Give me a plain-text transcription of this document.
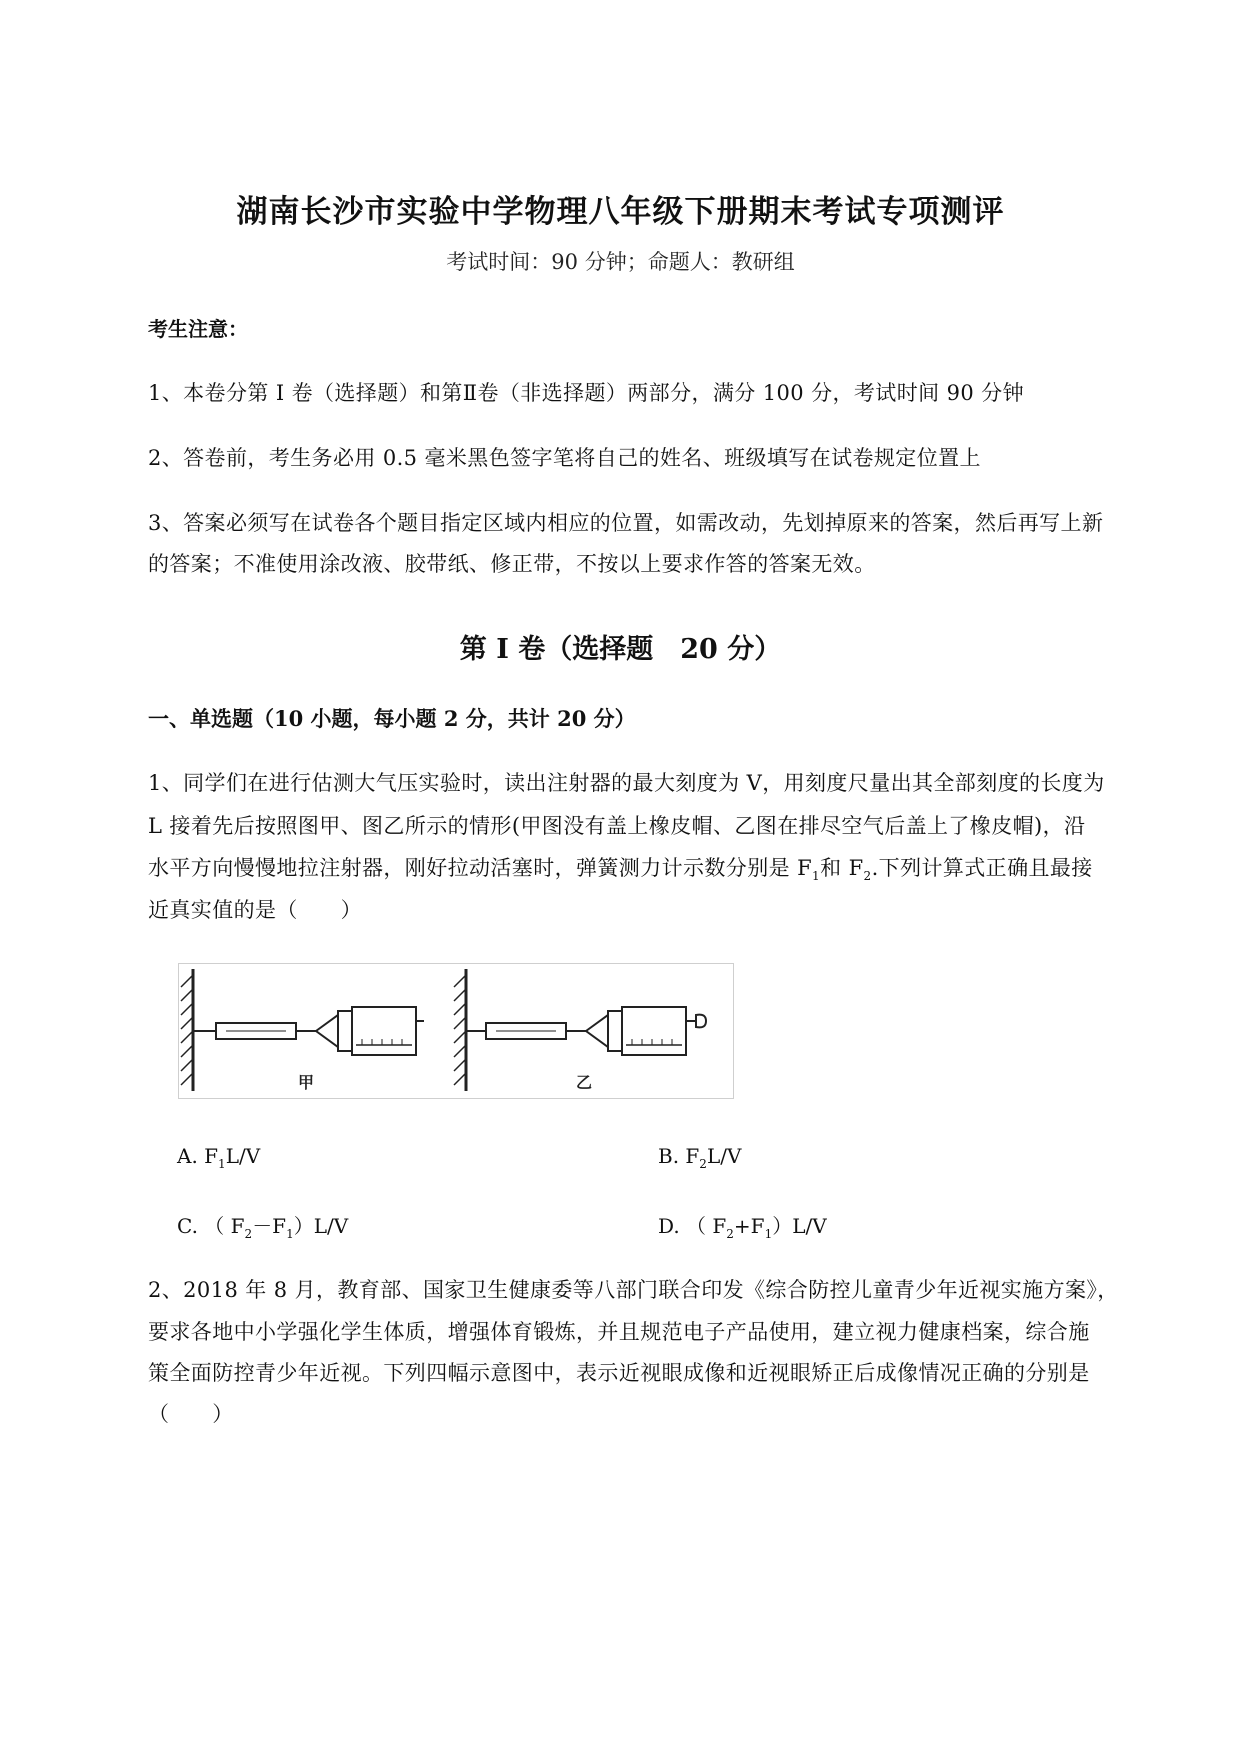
湖南长沙市实验中学物理八年级下册期末考试专项测评
考试时间：90 分钟；命题人：教研组
考生注意：
1、本卷分第 I 卷（选择题）和第Ⅱ卷（非选择题）两部分，满分 100 分，考试时间 90 分钟
2、答卷前，考生务必用 0.5 毫米黑色签字笔将自己的姓名、班级填写在试卷规定位置上
3、答案必须写在试卷各个题目指定区域内相应的位置，如需改动，先划掉原来的答案，然后再写上新
的答案；不准使用涂改液、胶带纸、修正带，不按以上要求作答的答案无效。
第 I 卷（选择题　20 分）
一、单选题（10 小题，每小题 2 分，共计 20 分）
1、同学们在进行估测大气压实验时，读出注射器的最大刻度为 V，用刻度尺量出其全部刻度的长度为
L 接着先后按照图甲、图乙所示的情形(甲图没有盖上橡皮帽、乙图在排尽空气后盖上了橡皮帽)，沿
水平方向慢慢地拉注射器，刚好拉动活塞时，弹簧测力计示数分别是 $F_1$和 $F_2$.下列计算式正确且最接
近真实值的是（　　）
甲	乙
A. $F_1L/V$	B. $F_2L/V$
C. （ $F_2-F_1)L/V$	D. （ $F_2+F_1)L/V$
2、2018 年 8 月，教育部、国家卫生健康委等八部门联合印发《综合防控儿童青少年近视实施方案》，
要求各地中小学强化学生体质，增强体育锻炼，并且规范电子产品使用，建立视力健康档案，综合施
策全面防控青少年近视。下列四幅示意图中，表示近视眼成像和近视眼矫正后成像情况正确的分别是
（　　）
